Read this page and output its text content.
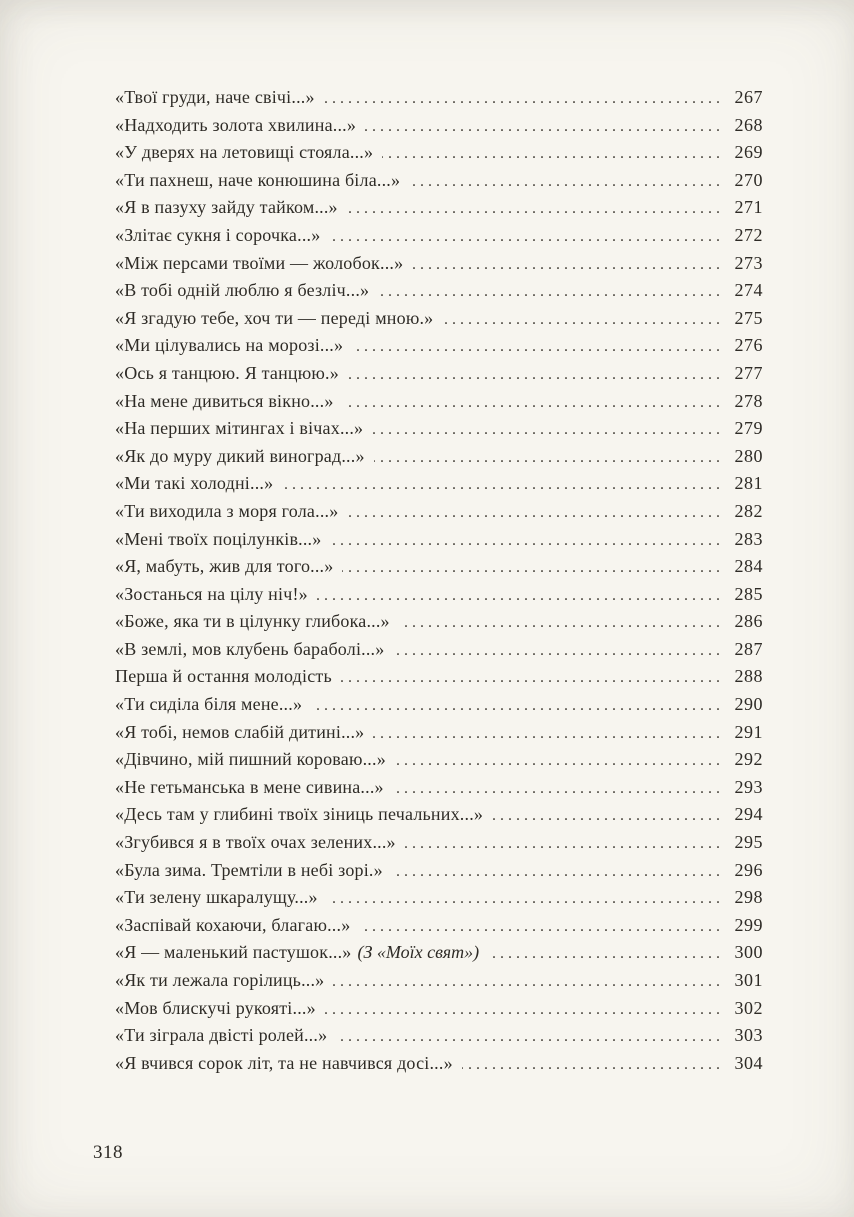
«Твої груди, наче свічі...» .....	267
«Надходить золота хвилина...» .....	268
«У дверях на летовищі стояла...» .....	269
«Ти пахнеш, наче конюшина біла...» .....	270
«Я в пазуху зайду тайком...» .....	271
«Злітає сукня і сорочка...» .....	272
«Між персами твоїми — жолобок...» .....	273
«В тобі одній люблю я безліч...» .....	274
«Я згадую тебе, хоч ти — переді мною.» .....	275
«Ми цілувались на морозі...» .....	276
«Ось я танцюю. Я танцюю.» .....	277
«На мене дивиться вікно...» .....	278
«На перших мітингах і вічах...» .....	279
«Як до муру дикий виноград...» .....	280
«Ми такі холодні...» .....	281
«Ти виходила з моря гола...» .....	282
«Мені твоїх поцілунків...» .....	283
«Я, мабуть, жив для того...» .....	284
«Зостанься на цілу ніч!» .....	285
«Боже, яка ти в цілунку глибока...» .....	286
«В землі, мов клубень бараболі...» .....	287
Перша й остання молодість .....	288
«Ти сиділа біля мене...» .....	290
«Я тобі, немов слабій дитині...» .....	291
«Дівчино, мій пишний короваю...» .....	292
«Не гетьманська в мене сивина...» .....	293
«Десь там у глибині твоїх зіниць печальних...» .....	294
«Згубився я в твоїх очах зелених...» .....	295
«Була зима. Тремтіли в небі зорі.» .....	296
«Ти зелену шкаралущу...» .....	298
«Заспівай кохаючи, благаю...» .....	299
«Я — маленький пастушок...» (З «Моїх свят») .....	300
«Як ти лежала горілиць...» .....	301
«Мов блискучі рукояті...» .....	302
«Ти зіграла двісті ролей...» .....	303
«Я вчився сорок літ, та не навчився досі...» .....	304
318
